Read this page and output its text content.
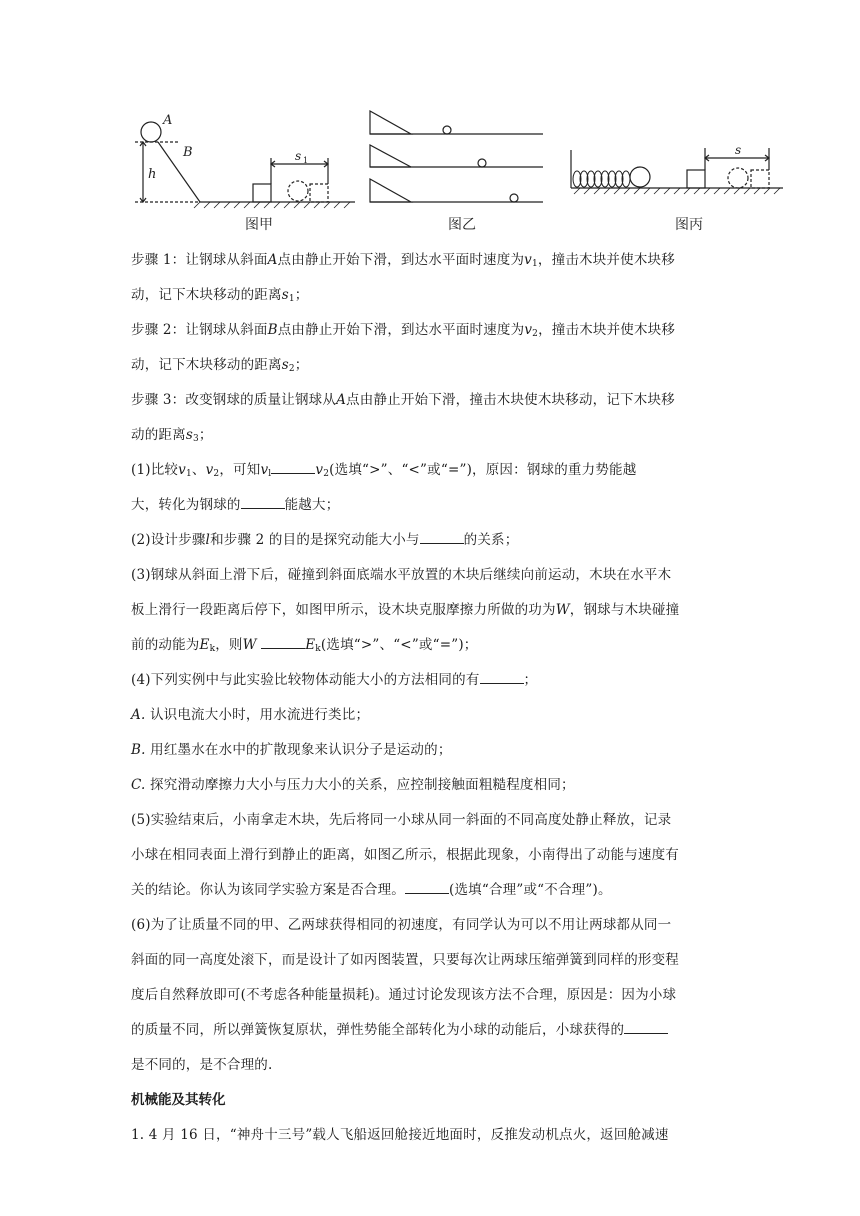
A
B
h
s 1
s
图甲	图乙	图丙
步骤 1：让钢球从斜面A点由静止开始下滑，到达水平面时速度为$v_1$，撞击木块并使木块移
动，记下木块移动的距离$s_1$；
步骤 2：让钢球从斜面B点由静止开始下滑，到达水平面时速度为$v_2$，撞击木块并使木块移
动，记下木块移动的距离$s_2$；
步骤 3：改变钢球的质量让钢球从A点由静止开始下滑，撞击木块使木块移动，记下木块移
动的距离$s_3$；
(1)比较$v_1$、$v_2$，可知$v_l$	$v_2$(选填“>”、“<”或“=”)，原因：钢球的重力势能越
大，转化为钢球的	能越大；
(2)设计步骤l和步骤 2 的目的是探究动能大小与	的关系；
(3)钢球从斜面上滑下后，碰撞到斜面底端水平放置的木块后继续向前运动，木块在水平木
板上滑行一段距离后停下，如图甲所示，设木块克服摩擦力所做的功为W，钢球与木块碰撞
前的动能为$E_k$，则W	$E_k$(选填“>”、“<”或“=”)；
(4)下列实例中与此实验比较物体动能大小的方法相同的有	；
A. 认识电流大小时，用水流进行类比；
B. 用红墨水在水中的扩散现象来认识分子是运动的；
C. 探究滑动摩擦力大小与压力大小的关系，应控制接触面粗糙程度相同；
(5)实验结束后，小南拿走木块，先后将同一小球从同一斜面的不同高度处静止释放，记录
小球在相同表面上滑行到静止的距离，如图乙所示，根据此现象，小南得出了动能与速度有
关的结论。你认为该同学实验方案是否合理。	(选填“合理”或“不合理”)。
(6)为了让质量不同的甲、乙两球获得相同的初速度，有同学认为可以不用让两球都从同一
斜面的同一高度处滚下，而是设计了如丙图装置，只要每次让两球压缩弹簧到同样的形变程
度后自然释放即可(不考虑各种能量损耗)。通过讨论发现该方法不合理，原因是：因为小球
的质量不同，所以弹簧恢复原状，弹性势能全部转化为小球的动能后，小球获得的
是不同的，是不合理的.
机械能及其转化
1. 4 月 16 日，“神舟十三号”载人飞船返回舱接近地面时，反推发动机点火，返回舱减速
